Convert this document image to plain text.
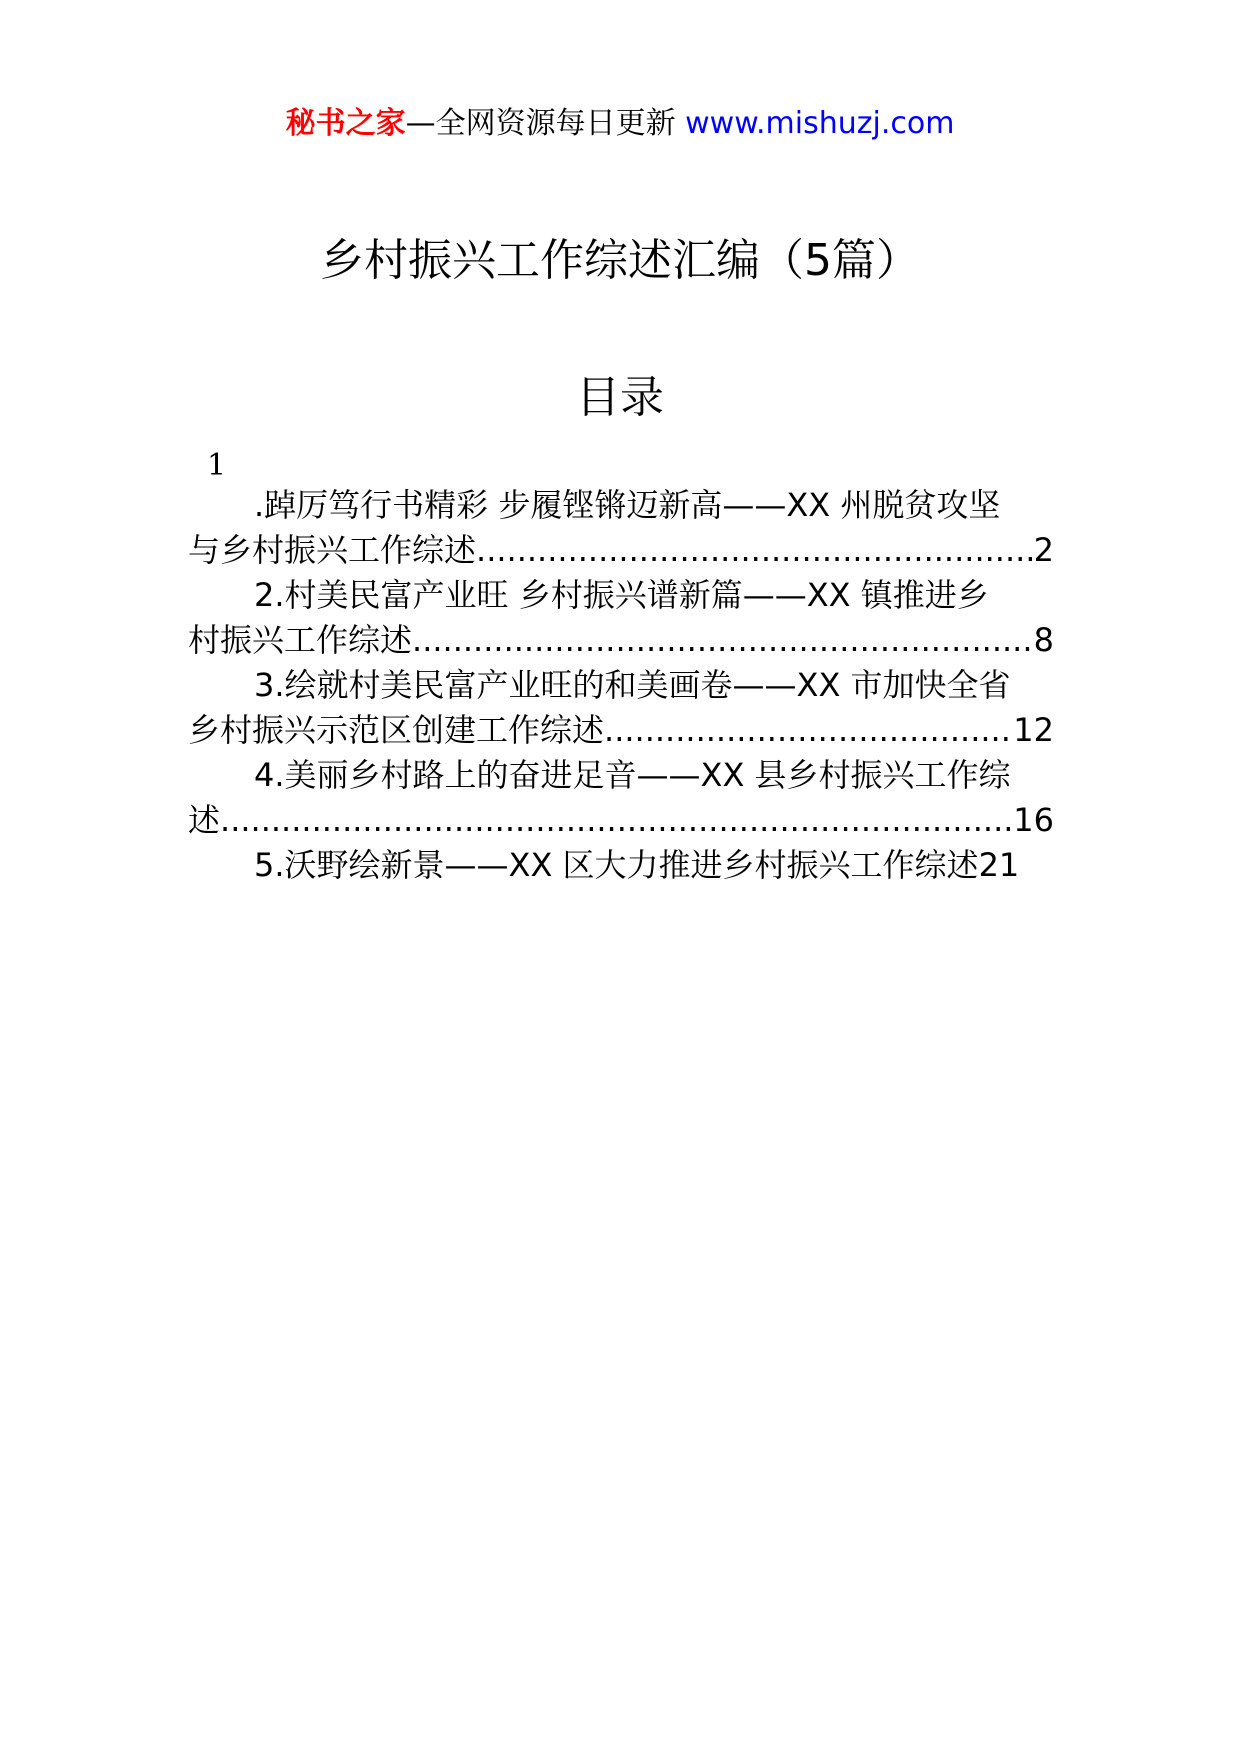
秘书之家—全网资源每日更新 www.mishuzj.com
乡村振兴工作综述汇编（5篇）
目录
1
.踔厉笃行书精彩 步履铿锵迈新高——XX 州脱贫攻坚
与乡村振兴工作综述 .....	2
2.村美民富产业旺 乡村振兴谱新篇——XX 镇推进乡
村振兴工作综述 .....	8
3.绘就村美民富产业旺的和美画卷——XX 市加快全省
乡村振兴示范区创建工作综述 .....	12
4.美丽乡村路上的奋进足音——XX 县乡村振兴工作综
述 .....	16
5.沃野绘新景——XX 区大力推进乡村振兴工作综述 21
